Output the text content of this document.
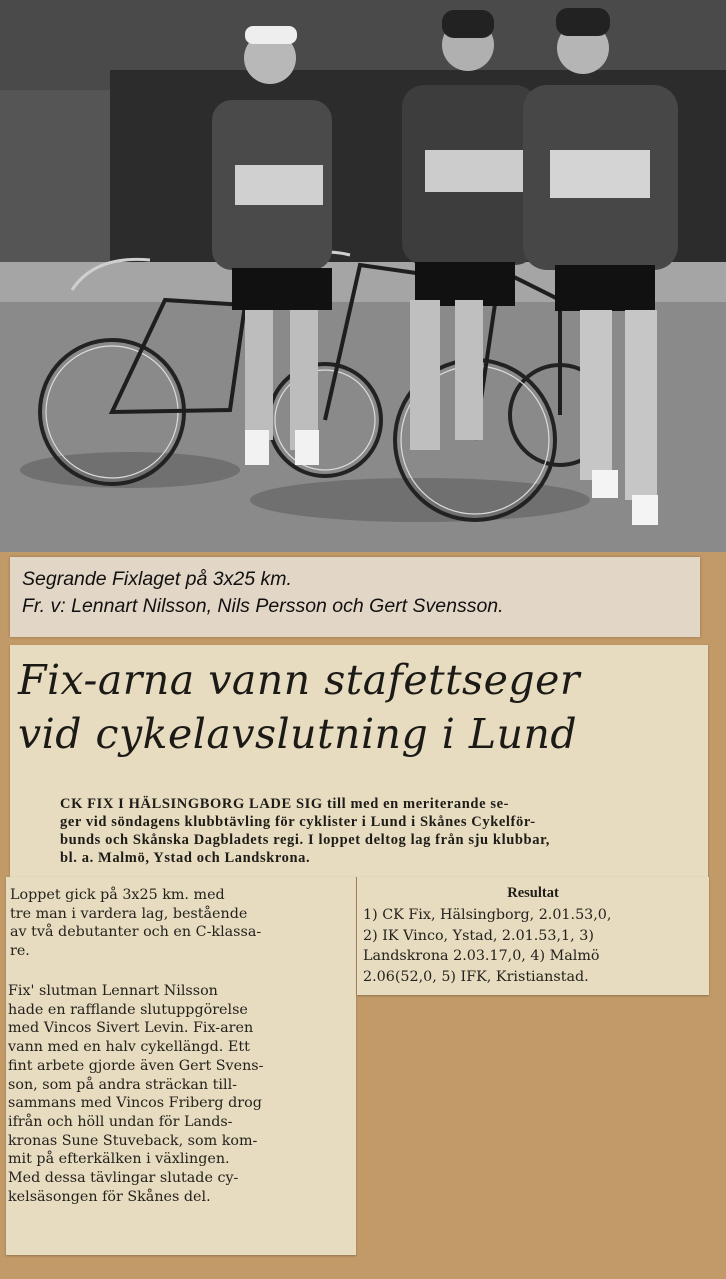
Segrande Fixlaget på 3x25 km.
Fr. v: Lennart Nilsson, Nils Persson och Gert Svensson.
Fix-arna vann stafettseger
vid cykelavslutning i Lund
CK FIX I HÄLSINGBORG LADE SIG till med en meriterande se-
ger vid söndagens klubbtävling för cyklister i Lund i Skånes Cykelför-
bunds och Skånska Dagbladets regi. I loppet deltog lag från sju klubbar,
bl. a. Malmö, Ystad och Landskrona.
Loppet gick på 3x25 km. med
tre man i vardera lag, bestående
av två debutanter och en C-klassa-
re.
Fix' slutman Lennart Nilsson
hade en rafflande slutuppgörelse
med Vincos Sivert Levin. Fix-aren
vann med en halv cykellängd. Ett
fint arbete gjorde även Gert Svens-
son, som på andra sträckan till-
sammans med Vincos Friberg drog
ifrån och höll undan för Lands-
kronas Sune Stuveback, som kom-
mit på efterkälken i växlingen.
Med dessa tävlingar slutade cy-
kelsäsongen för Skånes del.
Resultat
1) CK Fix, Hälsingborg, 2.01.53,0,
2) IK Vinco, Ystad, 2.01.53,1, 3)
Landskrona 2.03.17,0, 4) Malmö
2.06(52,0, 5) IFK, Kristianstad.
